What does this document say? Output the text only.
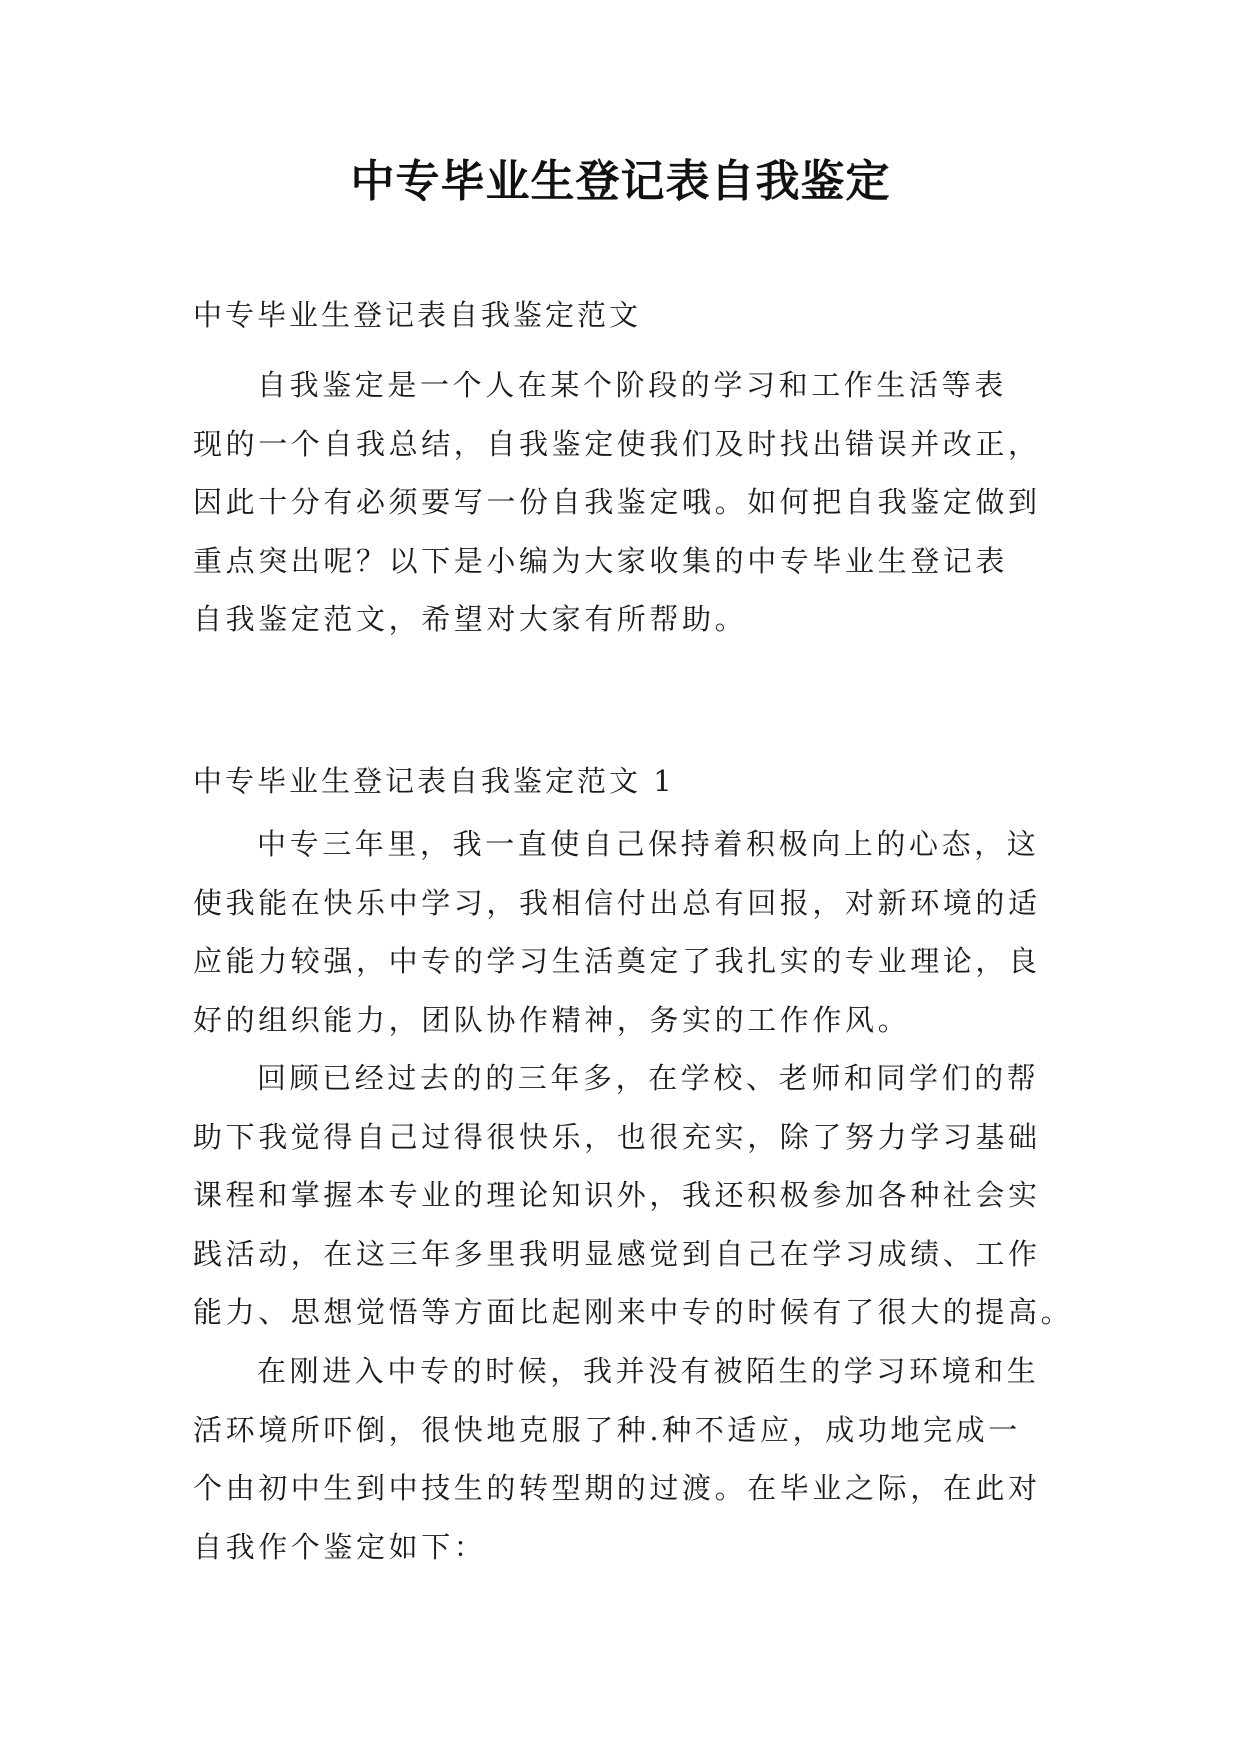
中专毕业生登记表自我鉴定
中专毕业生登记表自我鉴定范文
自我鉴定是一个人在某个阶段的学习和工作生活等表
现的一个自我总结，自我鉴定使我们及时找出错误并改正，
因此十分有必须要写一份自我鉴定哦。如何把自我鉴定做到
重点突出呢？以下是小编为大家收集的中专毕业生登记表
自我鉴定范文，希望对大家有所帮助。
中专毕业生登记表自我鉴定范文 1
中专三年里，我一直使自己保持着积极向上的心态，这
使我能在快乐中学习，我相信付出总有回报，对新环境的适
应能力较强，中专的学习生活奠定了我扎实的专业理论，良
好的组织能力，团队协作精神，务实的工作作风。
回顾已经过去的的三年多，在学校、老师和同学们的帮
助下我觉得自己过得很快乐，也很充实，除了努力学习基础
课程和掌握本专业的理论知识外，我还积极参加各种社会实
践活动，在这三年多里我明显感觉到自己在学习成绩、工作
能力、思想觉悟等方面比起刚来中专的时候有了很大的提高。
在刚进入中专的时候，我并没有被陌生的学习环境和生
活环境所吓倒，很快地克服了种.种不适应，成功地完成一
个由初中生到中技生的转型期的过渡。在毕业之际，在此对
自我作个鉴定如下：
